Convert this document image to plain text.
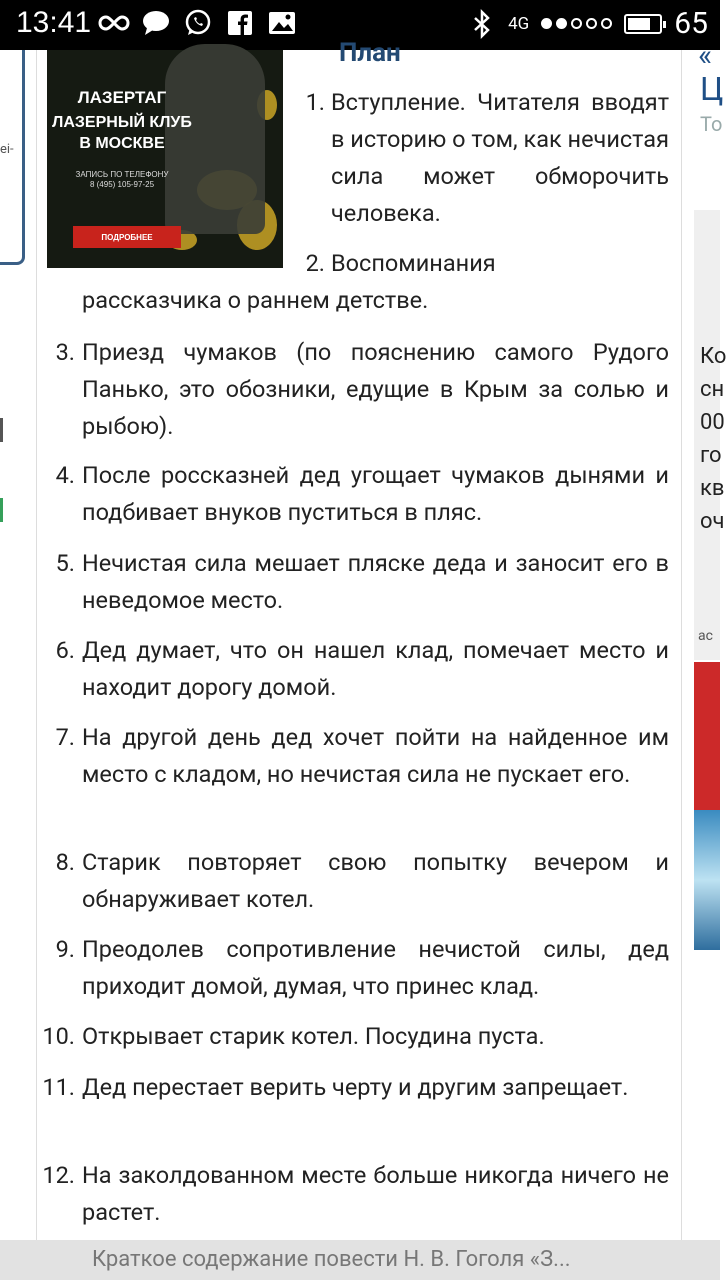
13:41	4G	65
ei-
План
ЛАЗЕРТАГ
ЛАЗЕРНЫЙ КЛУБ
В МОСКВЕ
ЗАПИСЬ ПО ТЕЛЕФОНУ
8 (495) 105-97-25
ПОДРОБНЕЕ
1. Вступление. Читателя вводят в историю о том, как нечистая сила может обморочить человека.
2. Воспоминания
рассказчика о раннем детстве.
3. Приезд чумаков (по пояснению самого Рудого Панько, это обозники, едущие в Крым за солью и рыбою).
4. После россказней дед угощает чумаков дынями и подбивает внуков пуститься в пляс.
5. Нечистая сила мешает пляске деда и заносит его в неведомое место.
6. Дед думает, что он нашел клад, помечает место и находит дорогу домой.
7. На другой день дед хочет пойти на найденное им место с кладом, но нечистая сила не пускает его.
8. Старик повторяет свою попытку вечером и обнаруживает котел.
9. Преодолев сопротивление нечистой силы, дед приходит домой, думая, что принес клад.
10. Открывает старик котел. Посудина пуста.
11. Дед перестает верить черту и другим запрещает.
12. На заколдованном месте больше никогда ничего не растет.
«
Ц
То
Ко
сн
00
го
кв
оч
ac
Краткое содержание повести Н. В. Гоголя «З...
